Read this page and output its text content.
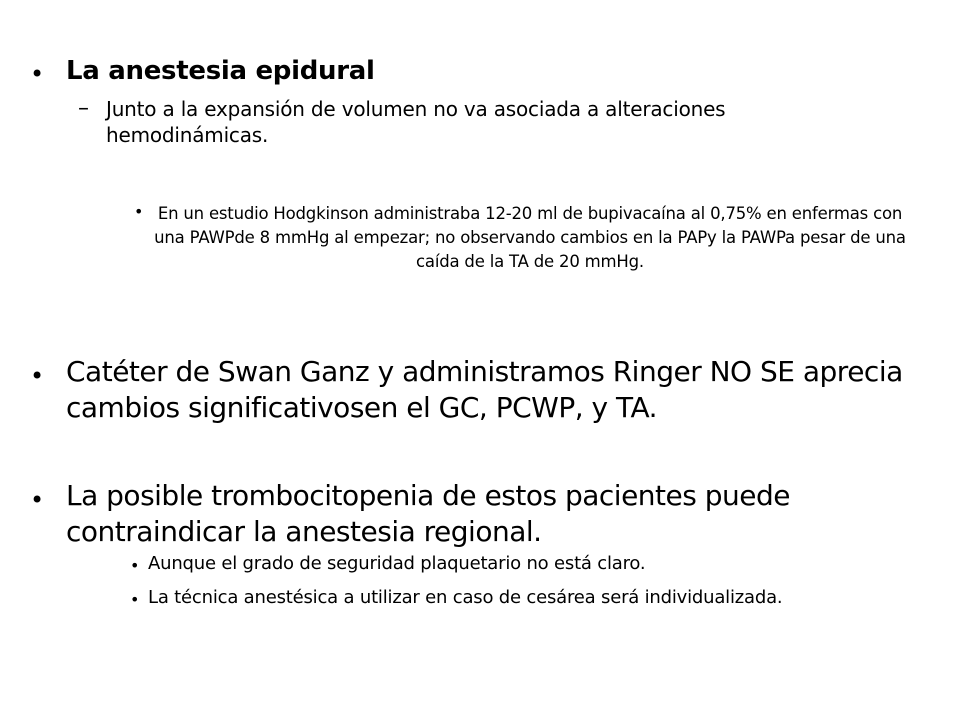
• La anestesia epidural
– Junto a la expansión de volumen no va asociada a alteraciones hemodinámicas.
• En un estudio Hodgkinson administraba 12-20 ml de bupivacaína al 0,75% en enfermas con una PAWPde 8 mmHg al empezar; no observando cambios en la PAPy la PAWPa pesar de una caída de la TA de 20 mmHg.
• Catéter de Swan Ganz y administramos Ringer NO SE aprecia cambios significativosen el GC, PCWP, y TA.
• La posible trombocitopenia de estos pacientes puede contraindicar la anestesia regional.
• Aunque el grado de seguridad plaquetario no está claro.
• La técnica anestésica a utilizar en caso de cesárea será individualizada.
